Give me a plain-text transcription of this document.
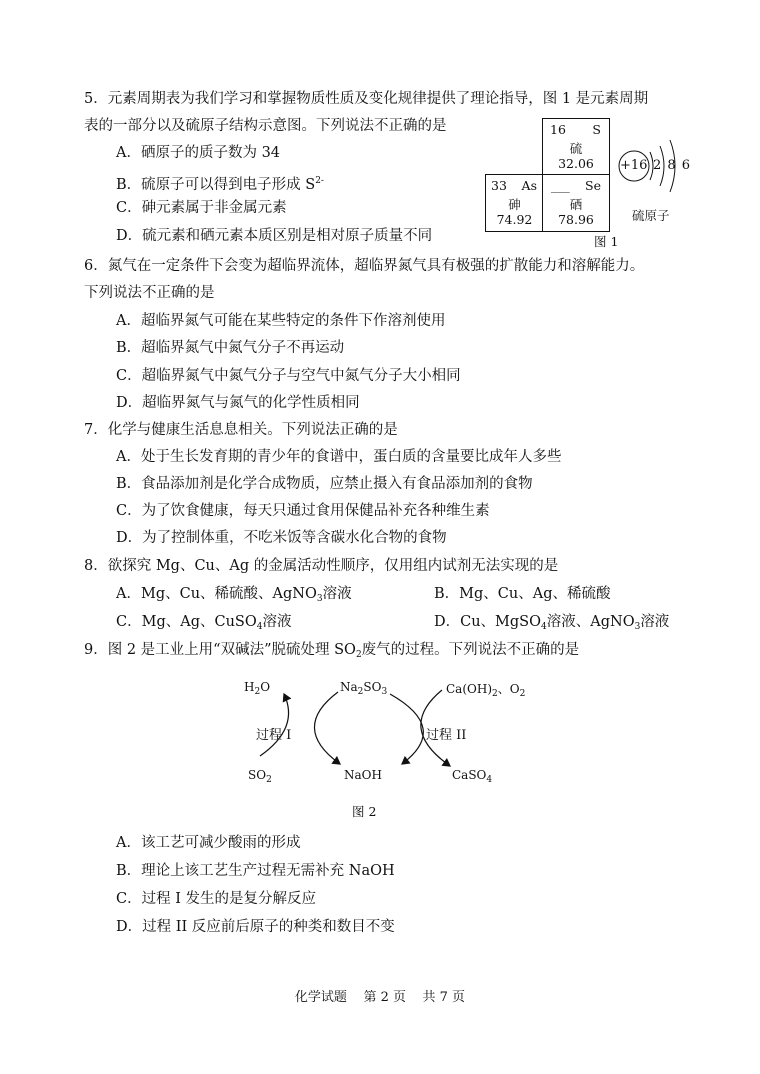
5．元素周期表为我们学习和掌握物质性质及变化规律提供了理论指导，图 1 是元素周期
表的一部分以及硫原子结构示意图。下列说法不正确的是
A．硒原子的质子数为 34
B．硫原子可以得到电子形成 $S^{2-}$
C．砷元素属于非金属元素
D．硫元素和硒元素本质区别是相对原子质量不同
16 S
硫
32.06
33 As
砷
74.92
___ Se
硒
78.96
图 1
+16 2 8 6
硫原子
6．氮气在一定条件下会变为超临界流体，超临界氮气具有极强的扩散能力和溶解能力。
下列说法不正确的是
A．超临界氮气可能在某些特定的条件下作溶剂使用
B．超临界氮气中氮气分子不再运动
C．超临界氮气中氮气分子与空气中氮气分子大小相同
D．超临界氮气与氮气的化学性质相同
7．化学与健康生活息息相关。下列说法正确的是
A．处于生长发育期的青少年的食谱中，蛋白质的含量要比成年人多些
B．食品添加剂是化学合成物质，应禁止摄入有食品添加剂的食物
C．为了饮食健康，每天只通过食用保健品补充各种维生素
D．为了控制体重，不吃米饭等含碳水化合物的食物
8．欲探究 Mg、Cu、Ag 的金属活动性顺序，仅用组内试剂无法实现的是
A．Mg、Cu、稀硫酸、AgNO$_3$溶液	B．Mg、Cu、Ag、稀硫酸
C．Mg、Ag、CuSO$_4$溶液	D．Cu、MgSO$_4$溶液、AgNO$_3$溶液
9．图 2 是工业上用“双碱法”脱硫处理 $SO_2$废气的过程。下列说法不正确的是
$H_2O$	$Na_2SO_3$	$Ca(OH)_2$、$O_2$
过程 I	过程 II
$SO_2$	NaOH	CaSO$_4$
图 2
A．该工艺可减少酸雨的形成
B．理论上该工艺生产过程无需补充 NaOH
C．过程 I 发生的是复分解反应
D．过程 II 反应前后原子的种类和数目不变
化学试题    第 2 页    共 7 页
